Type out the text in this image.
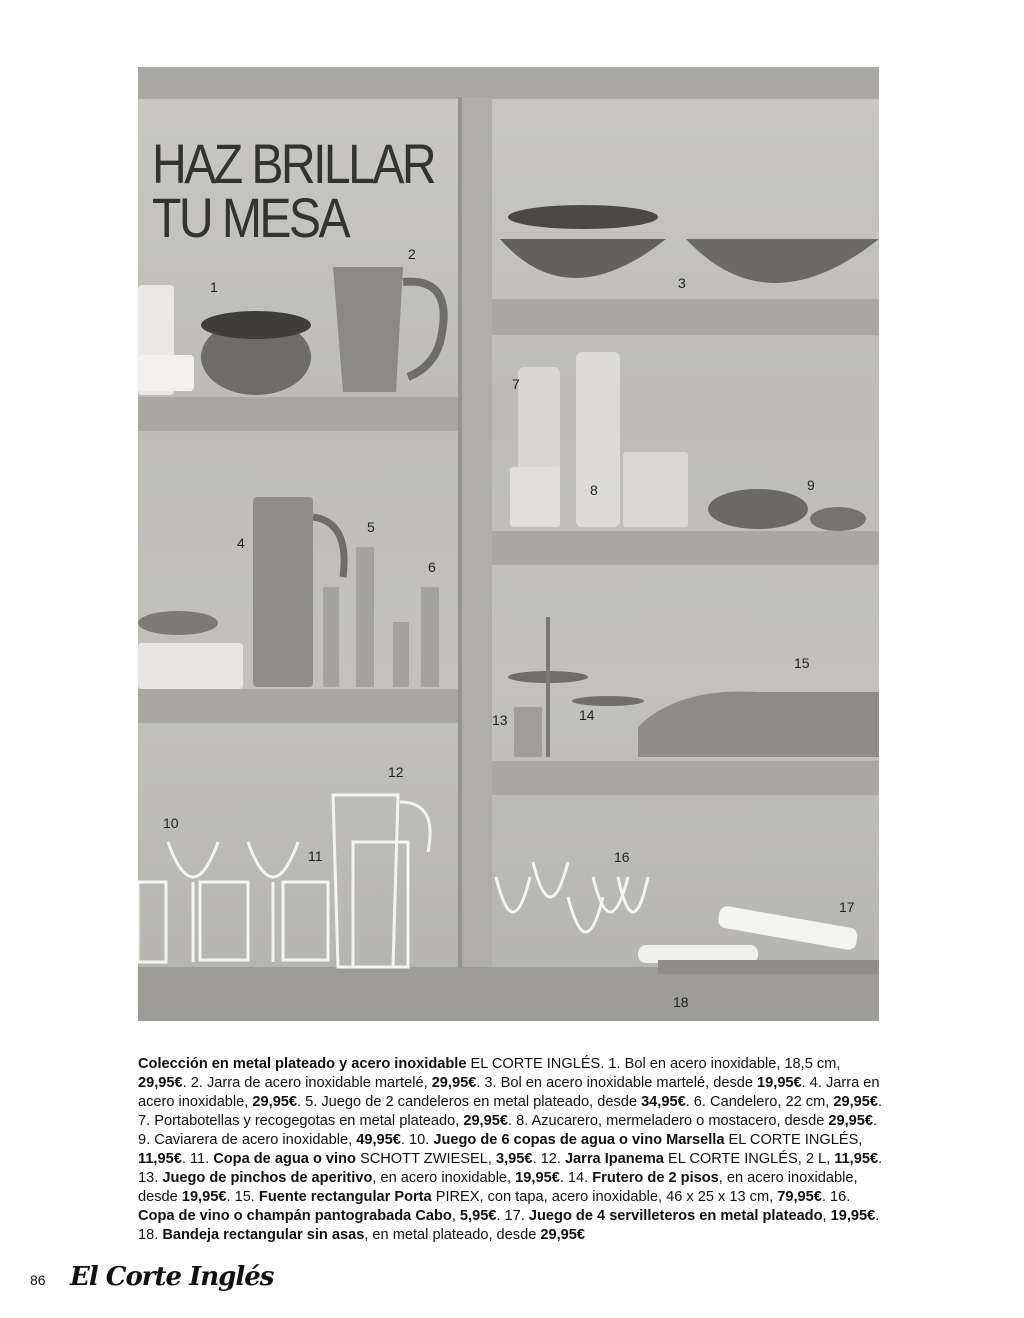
HAZ BRILLAR
TU MESA
1
2
3
4
5
6
7
8	9
10
11
12
13	14
15
16
17
18

Colección en metal plateado y acero inoxidable EL CORTE INGLÉS. 1. Bol en acero inoxidable, 18,5 cm, 29,95€. 2. Jarra de acero inoxidable martelé, 29,95€. 3. Bol en acero inoxidable martelé, desde 19,95€. 4. Jarra en acero inoxidable, 29,95€. 5. Juego de 2 candeleros en metal plateado, desde 34,95€. 6. Candelero, 22 cm, 29,95€. 7. Portabotellas y recogegotas en metal plateado, 29,95€. 8. Azucarero, mermeladero o mostacero, desde 29,95€. 9. Caviarera de acero inoxidable, 49,95€. 10. Juego de 6 copas de agua o vino Marsella EL CORTE INGLÉS, 11,95€. 11. Copa de agua o vino SCHOTT ZWIESEL, 3,95€. 12. Jarra Ipanema EL CORTE INGLÉS, 2 L, 11,95€. 13. Juego de pinchos de aperitivo, en acero inoxidable, 19,95€. 14. Frutero de 2 pisos, en acero inoxidable, desde 19,95€. 15. Fuente rectangular Porta PIREX, con tapa, acero inoxidable, 46 x 25 x 13 cm, 79,95€. 16. Copa de vino o champán pantograbada Cabo, 5,95€. 17. Juego de 4 servilleteros en metal plateado, 19,95€. 18. Bandeja rectangular sin asas, en metal plateado, desde 29,95€

86 El Corte Inglés
